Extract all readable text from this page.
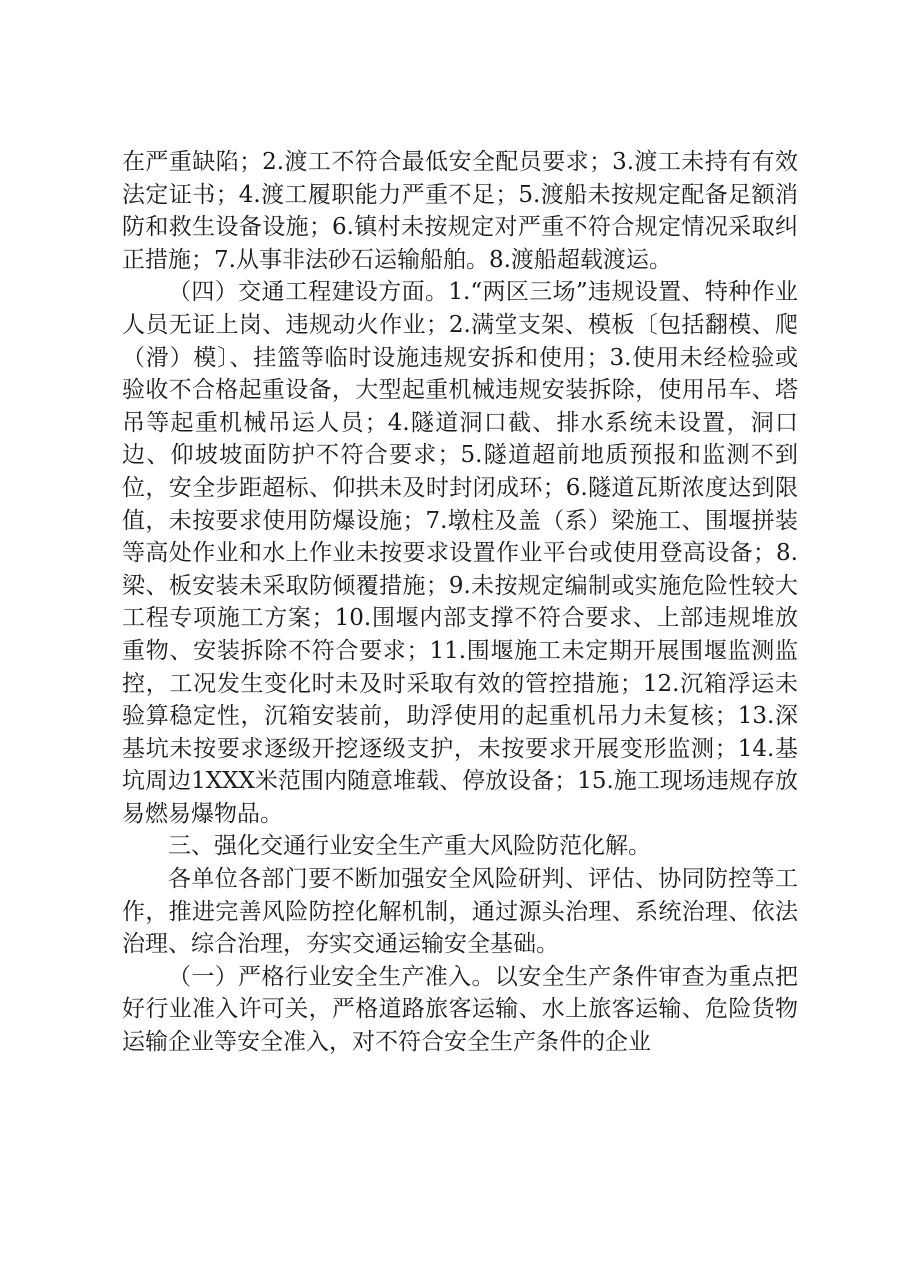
在严重缺陷；2.渡工不符合最低安全配员要求；3.渡工未持有有效法定证书；4.渡工履职能力严重不足；5.渡船未按规定配备足额消防和救生设备设施；6.镇村未按规定对严重不符合规定情况采取纠正措施；7.从事非法砂石运输船舶。8.渡船超载渡运。

（四）交通工程建设方面。1.“两区三场”违规设置、特种作业人员无证上岗、违规动火作业；2.满堂支架、模板〔包括翻模、爬（滑）模〕、挂篮等临时设施违规安拆和使用；3.使用未经检验或验收不合格起重设备，大型起重机械违规安装拆除，使用吊车、塔吊等起重机械吊运人员；4.隧道洞口截、排水系统未设置，洞口边、仰坡坡面防护不符合要求；5.隧道超前地质预报和监测不到位，安全步距超标、仰拱未及时封闭成环；6.隧道瓦斯浓度达到限值，未按要求使用防爆设施；7.墩柱及盖（系）梁施工、围堰拼装等高处作业和水上作业未按要求设置作业平台或使用登高设备；8.梁、板安装未采取防倾覆措施；9.未按规定编制或实施危险性较大工程专项施工方案；10.围堰内部支撑不符合要求、上部违规堆放重物、安装拆除不符合要求；11.围堰施工未定期开展围堰监测监控，工况发生变化时未及时采取有效的管控措施；12.沉箱浮运未验算稳定性，沉箱安装前，助浮使用的起重机吊力未复核；13.深基坑未按要求逐级开挖逐级支护，未按要求开展变形监测；14.基坑周边1XXX米范围内随意堆载、停放设备；15.施工现场违规存放易燃易爆物品。

三、强化交通行业安全生产重大风险防范化解。

各单位各部门要不断加强安全风险研判、评估、协同防控等工作，推进完善风险防控化解机制，通过源头治理、系统治理、依法治理、综合治理，夯实交通运输安全基础。

（一）严格行业安全生产准入。以安全生产条件审查为重点把好行业准入许可关，严格道路旅客运输、水上旅客运输、危险货物运输企业等安全准入，对不符合安全生产条件的企业
